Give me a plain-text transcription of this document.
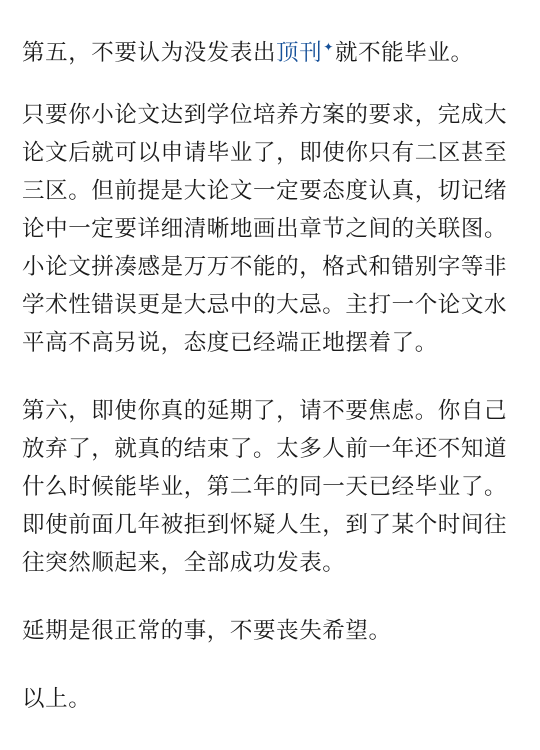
第五，不要认为没发表出顶刊✦就不能毕业。

只要你小论文达到学位培养方案的要求，完成大论文后就可以申请毕业了，即使你只有二区甚至三区。但前提是大论文一定要态度认真，切记绪论中一定要详细清晰地画出章节之间的关联图。小论文拼凑感是万万不能的，格式和错别字等非学术性错误更是大忌中的大忌。主打一个论文水平高不高另说，态度已经端正地摆着了。

第六，即使你真的延期了，请不要焦虑。你自己放弃了，就真的结束了。太多人前一年还不知道什么时候能毕业，第二年的同一天已经毕业了。即使前面几年被拒到怀疑人生，到了某个时间往往突然顺起来，全部成功发表。

延期是很正常的事，不要丧失希望。

以上。
